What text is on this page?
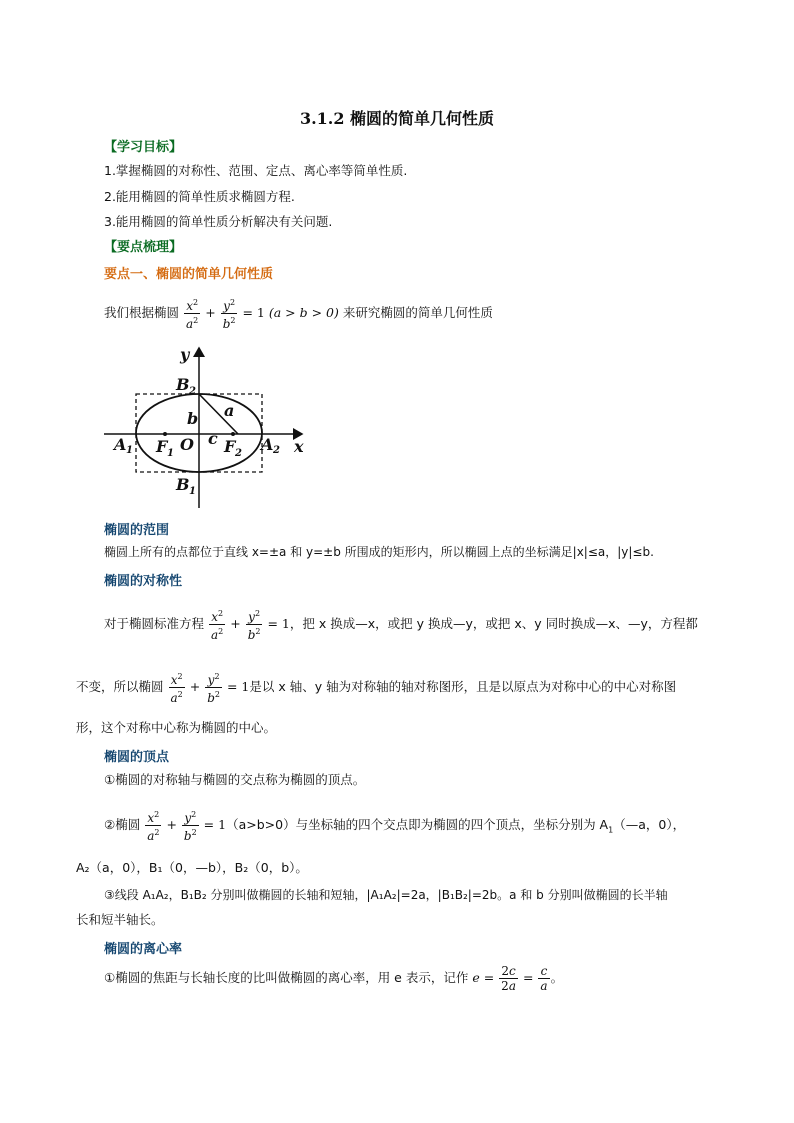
3.1.2 椭圆的简单几何性质
【学习目标】
1.掌握椭圆的对称性、范围、定点、离心率等简单性质.
2.能用椭圆的简单性质求椭圆方程.
3.能用椭圆的简单性质分析解决有关问题.
【要点梳理】
要点一、椭圆的简单几何性质
我们根据椭圆 $\frac{x^2}{a^2} + \frac{y^2}{b^2} = 1$ (a > b > 0) 来研究椭圆的简单几何性质
y
x
B 2
B 1
A 1	A 2
F 1	F 2
O
a
b
c
椭圆的范围
椭圆上所有的点都位于直线 x=±a 和 y=±b 所围成的矩形内，所以椭圆上点的坐标满足|x|≤a，|y|≤b.
椭圆的对称性
对于椭圆标准方程 $\frac{x^2}{a^2} + \frac{y^2}{b^2} = 1$，把 x 换成—x，或把 y 换成—y，或把 x、y 同时换成—x、—y，方程都
不变，所以椭圆 $\frac{x^2}{a^2} + \frac{y^2}{b^2} = 1$是以 x 轴、y 轴为对称轴的轴对称图形，且是以原点为对称中心的中心对称图
形，这个对称中心称为椭圆的中心。
椭圆的顶点
①椭圆的对称轴与椭圆的交点称为椭圆的顶点。
②椭圆 $\frac{x^2}{a^2} + \frac{y^2}{b^2} = 1(a>b>0)$与坐标轴的四个交点即为椭圆的四个顶点，坐标分别为 $A_1(—a$，0），
A₂（a，0），B₁（0，—b），B₂（0，b）。
③线段 A₁A₂，B₁B₂ 分别叫做椭圆的长轴和短轴，|A₁A₂|=2a，|B₁B₂|=2b。a 和 b 分别叫做椭圆的长半轴
长和短半轴长。
椭圆的离心率
①椭圆的焦距与长轴长度的比叫做椭圆的离心率，用 e 表示，记作 $e = \frac{2c}{2a} = \frac{c}{a}$ 。
